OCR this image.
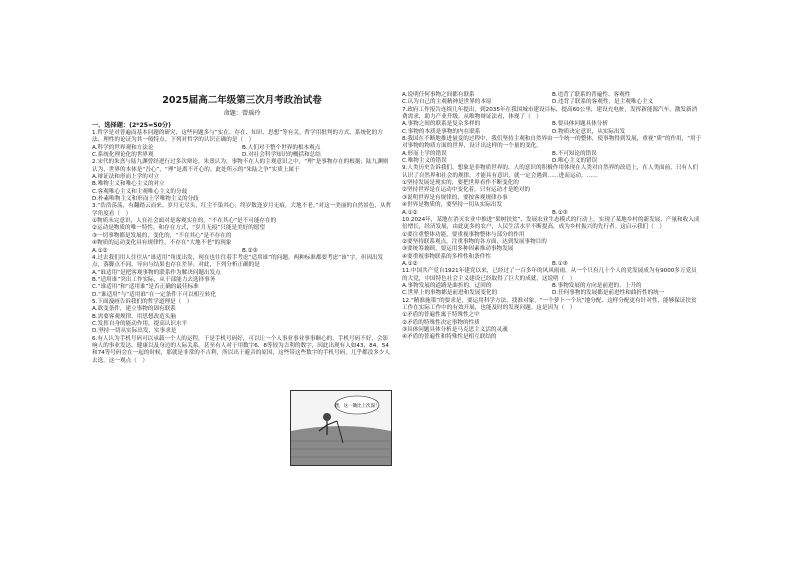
2025届高二年级第三次月考政治试卷

命题：曾瑶玲

一、选择题：(2*25=50分)

1.哲学是对普遍而基本问题的研究，这些问题多与“实在、存在、知识、思想”等有关。哲学用批判的方式、系统化的方法、理性的论证为其一般特点。下列对哲学的认识正确的是（　）

A.科学的世界观和方法论	B.人们对于整个世界的根本观点

C.系统化理论化的世界观	D.对社会科学知识的概括和总结

2.宋代的朱熹与陆九渊曾经进行过多次辩论，朱熹认为，事物不在人的主观意识之中，“理”是事物存在的根据；陆九渊则认为，世界的本体是“吾心”，“理”是离不开心的。此处所示的“朱陆之争”实质上属于

A.辩证法和形而上学的对立

B.唯物主义和唯心主义的对立

C.客观唯心主义和主观唯心主义的分歧

D.朴素唯物主义和形而上学唯物主义的分歧

3.“浩浩荡荡，有翻踏云而来。岁月无尽头，红尘不染其心；终岁数逢岁月无痕，大地不老。”对这一美丽的自然景色，从哲学角度看（　）

①物质未完意识，人在社会面对是客观实在的，“不在其心”是不可能存在的

②运动是物质的唯一特性，和存在方式，“岁月无痕”只能是美好的愿望

③一切事物都是发展的，变化的，“不在其心”是不存在的

④物质的运动变化具有规律性，不存在“大地不老”的现象

A.①②	B.②③

4.过去我们用人往往从“谁适用”角度出发，现在也往往着手考虑“适用谁”的问题。两种标准都要考虑“该”字，但因出发点，落脚点不同，导向与结果也存在差异。对此，下列分析正确的是

A.“谁适用”是把客观事物的联系作为解决问题出发点

B.“适用谁”突出工作实际，从干部能力去选择事务

C.“谁适用”和“适用谁”是否正确的最佳标准

D.“谁适用”与“适用谁”在一定条件下可以相互转化

5.下面漫画告诉我们的哲学道理是（　）

A.欲变条件，建立事物的固有联系

B.需要客观规律，用思想改造头脑

C.发挥自身的能动作用，提高认识水平

D.坚持一切从实际出发，实事求是

6.有人认为手机号码可以承载一个人的运程，于是手机号码好，可以让一个人事业事业事事顺心的，手机号码不好，会影响人的事业发达、健康以及身边的人际关系。甚至有人对于用数字6、8等较为吉利的数字，因此出现有人如43，84，54和74等号码会在一起的时候，那就是非常的不吉利，所以出于避音的原因，这些带这些数字的手机号码，几乎都没多少人去选。这一观点（　）

嘿，这一锄比上次深！

A.说明任何事物之间都有联系	B.违背了联系的普遍性、客观性

C.认为自己的主观精神是世界的本原	D.违背了联系的客观性，是主观唯心主义

7.政府工作报告连续几年提出，到2035年在我国城市建设目标，提高60公里，建设充电桩，发挥新能源汽车，激发新消费需求，助力产业升级。从唯物辩证法看，体现了（　）

A.事物之间的联系是复杂多样的	B.要具体问题具体分析

C.事物的本质是事物的内在联系	D.物质决定意识，从实际出发

8.我国在不断地推进量变的过程中，我们坚持主观和自然界由一个统一的整体，使事物得到发展，重视“质”的作用，“用于对事物的物质方面的世界，设计出这样的一个量的变化。

A.形而上学的错误	B.不可知论的错误

C.唯物主义的错误	D.唯心主义的错误

9.人类历史告诉我们，想象是非物质世界的，人的意识的积极作用体现在人类对自然界的改造上，在人类面前，只有人们认识了自然界和社会的规律，才能具有意识，就一定会遇到……进而运动。……

①坚持发展是现实的，要把世界看作不断变化的

②坚持世界是在运动中变化着，只有运动才是绝对的

③说明世界是有规律的，要按客观规律办事

④世界是物质的，要坚持一切从实际出发

A.①②	B.①③

10.2024年，某地在消灭农业中推进“果树扶贫”、发展农业生态模式的行动上，实现了某地乡村的新发展，产量和收入成倍增长，经济发展，由此更多的农户，人民生活水平不断提高，成为乡村振兴的先行者。这启示我们（　）

①要注重整体功能，要重视事物整体与部分的作用

②要坚持联系观点，注重事物的各方面，达到发展事物目的

③要统筹兼顾，要运用多种因素推动事物发展

④要重视事物联系的多样性和条件性

A.①②	B.①③

11.中国共产党自1921年建党以来，已经过了一百多年的风风雨雨，从一个只有几十个人的党发展成为有9000多万党员的大党，中国特色社会主义建设已经取得了巨大的成就，这说明（　）

A.事物发展的道路是曲折的、迂回的	B.事物发展的方向是前进的、上升的

C.世界上的事物都是前进和发展变化的	D.任何事物的发展都是前进性和曲折性的统一

12.“精准施策”的要求是，要运用科学方法，找准对象，“一个萝卜一个坑”地分配、这样分配更有针对性，能够保证扶贫工作在实际工作中的有效开展，也能及时的发现问题。这是因为（　）

①矛盾的普遍性寓于特殊性之中

②矛盾的特殊性决定事物的性质

③具体问题具体分析是马克思主义活的灵魂

④矛盾的普遍性和特殊性是相互联结的
